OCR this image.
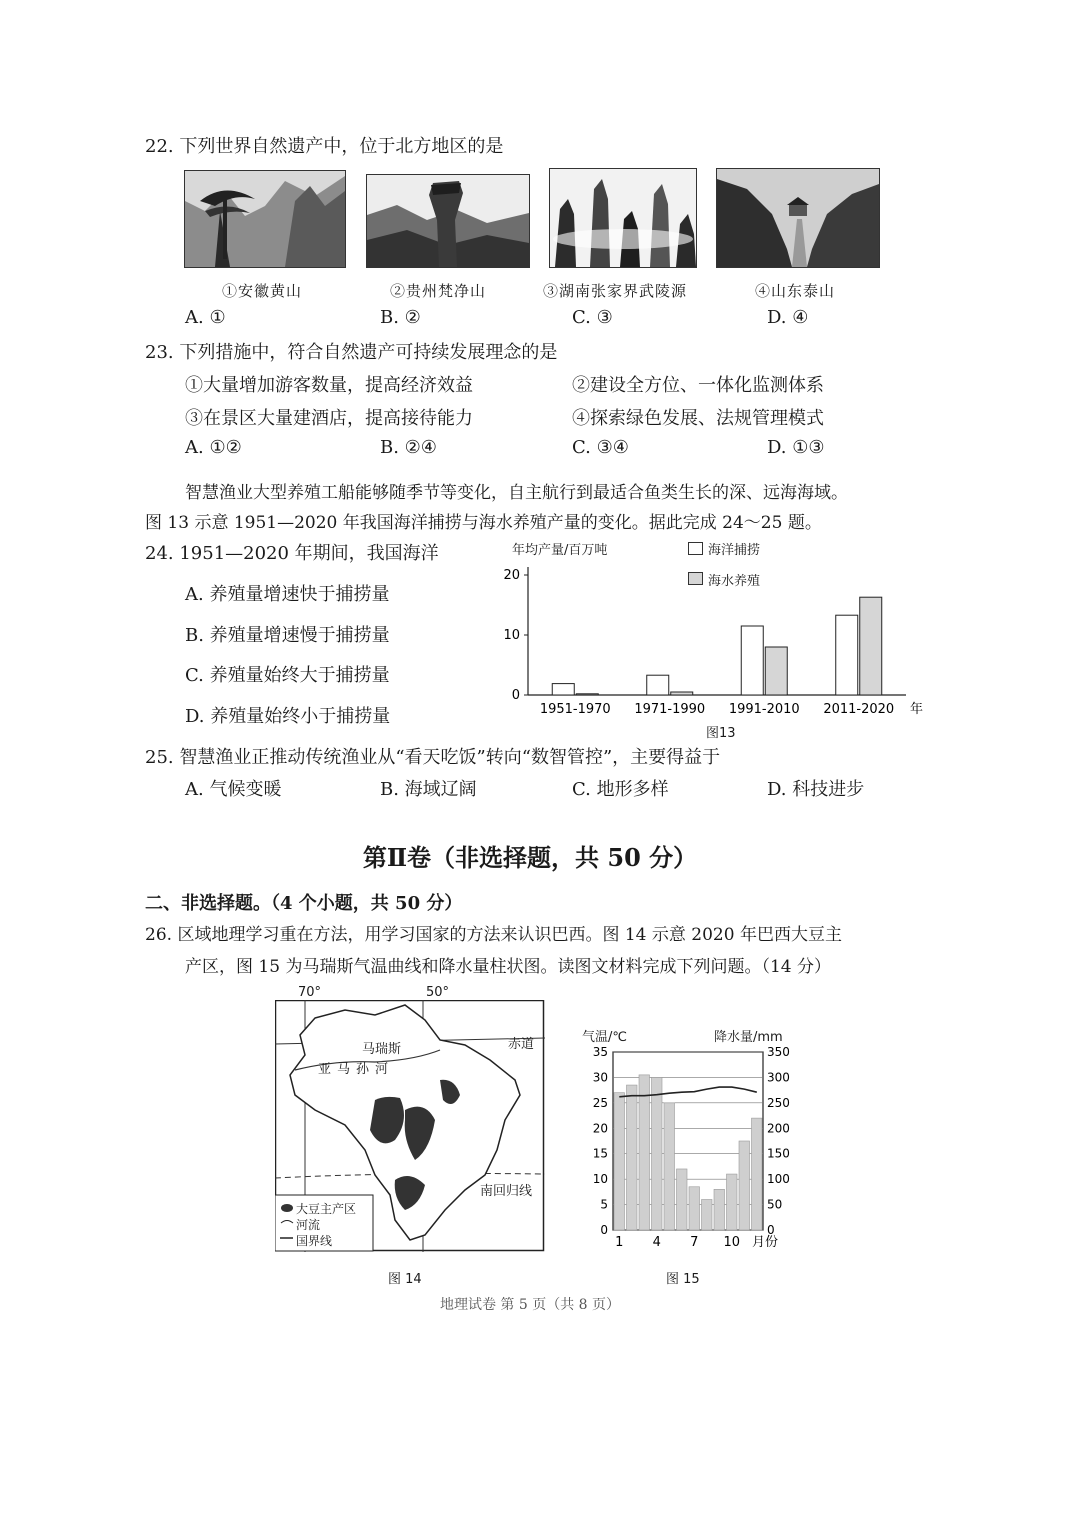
22. 下列世界自然遗产中，位于北方地区的是
①安徽黄山	②贵州梵净山	③湖南张家界武陵源	④山东泰山
A. ①	B. ②	C. ③	D. ④
23. 下列措施中，符合自然遗产可持续发展理念的是
①大量增加游客数量，提高经济效益	②建设全方位、一体化监测体系
③在景区大量建酒店，提高接待能力	④探索绿色发展、法规管理模式
A. ①②	B. ②④	C. ③④	D. ①③
智慧渔业大型养殖工船能够随季节等变化，自主航行到最适合鱼类生长的深、远海海域。
图 13 示意 1951—2020 年我国海洋捕捞与海水养殖产量的变化。据此完成 24～25 题。
24. 1951—2020 年期间，我国海洋
A. 养殖量增速快于捕捞量
B. 养殖量增速慢于捕捞量
C. 养殖量始终大于捕捞量
D. 养殖量始终小于捕捞量
0
10
20
1951-1970 1971-1990 1991-2010 2011-2020 年
年均产量/百万吨	海洋捕捞
海水养殖
图13
25. 智慧渔业正推动传统渔业从“看天吃饭”转向“数智管控”，主要得益于
A. 气候变暖	B. 海域辽阔	C. 地形多样	D. 科技进步
第Ⅱ卷（非选择题，共 50 分）
二、非选择题。（4 个小题，共 50 分）
26. 区域地理学习重在方法，用学习国家的方法来认识巴西。图 14 示意 2020 年巴西大豆主
产区，图 15 为马瑞斯气温曲线和降水量柱状图。读图文材料完成下列问题。（14 分）
70°	50°
赤道
南回归线
马瑞斯
亚马孙河
大豆主产区
河流
国界线
图 14
气温/℃	降水量/mm
0
5
10
15
20
25
30
35
0
50
100
150
200
250
300
350
1 4 7 10 月份
图 15
地理试卷 第 5 页（共 8 页）
